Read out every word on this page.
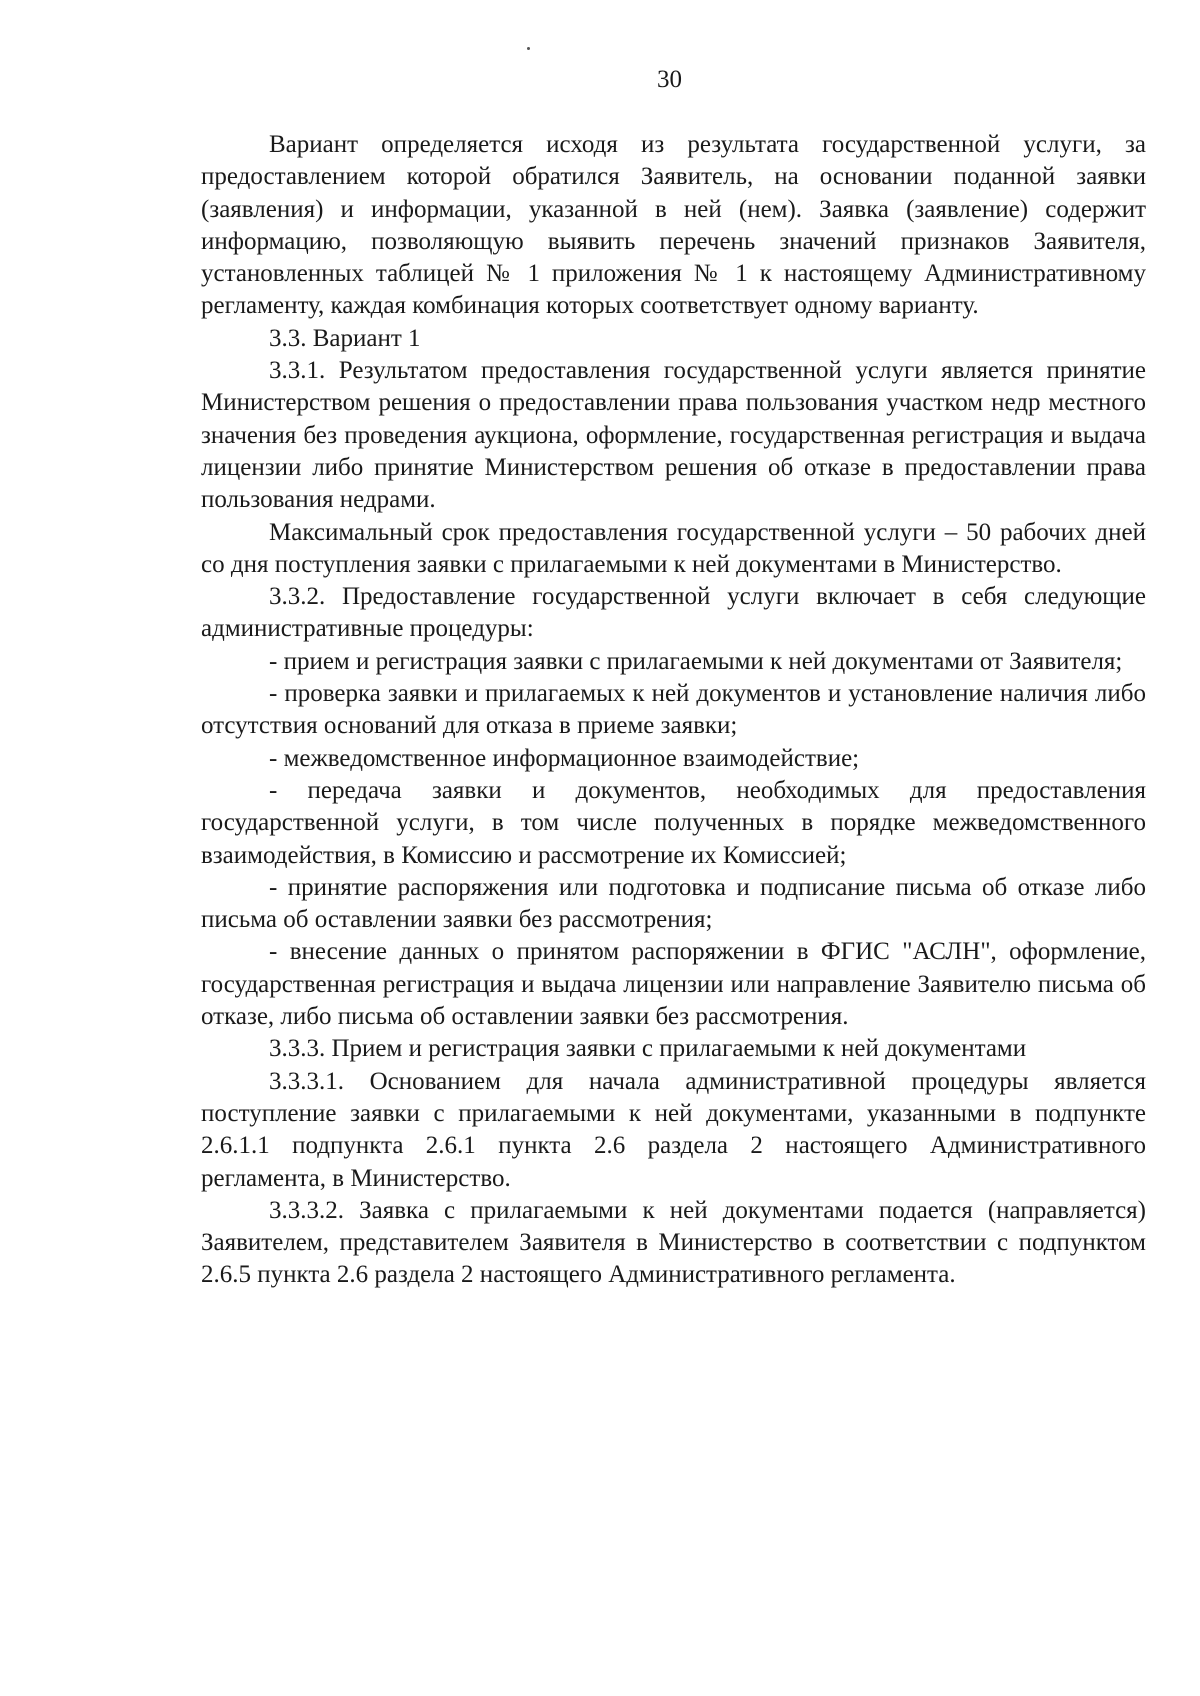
30

Вариант определяется исходя из результата государственной услуги, за предоставлением которой обратился Заявитель, на основании поданной заявки (заявления) и информации, указанной в ней (нем). Заявка (заявление) содержит информацию, позволяющую выявить перечень значений признаков Заявителя, установленных таблицей № 1 приложения № 1 к настоящему Административному регламенту, каждая комбинация которых соответствует одному варианту.

3.3. Вариант 1

3.3.1. Результатом предоставления государственной услуги является принятие Министерством решения о предоставлении права пользования участком недр местного значения без проведения аукциона, оформление, государственная регистрация и выдача лицензии либо принятие Министерством решения об отказе в предоставлении права пользования недрами.

Максимальный срок предоставления государственной услуги – 50 рабочих дней со дня поступления заявки с прилагаемыми к ней документами в Министерство.

3.3.2. Предоставление государственной услуги включает в себя следующие административные процедуры:

- прием и регистрация заявки с прилагаемыми к ней документами от Заявителя;

- проверка заявки и прилагаемых к ней документов и установление наличия либо отсутствия оснований для отказа в приеме заявки;

- межведомственное информационное взаимодействие;

- передача заявки и документов, необходимых для предоставления государственной услуги, в том числе полученных в порядке межведомственного взаимодействия, в Комиссию и рассмотрение их Комиссией;

- принятие распоряжения или подготовка и подписание письма об отказе либо письма об оставлении заявки без рассмотрения;

- внесение данных о принятом распоряжении в ФГИС "АСЛН", оформление, государственная регистрация и выдача лицензии или направление Заявителю письма об отказе, либо письма об оставлении заявки без рассмотрения.

3.3.3. Прием и регистрация заявки с прилагаемыми к ней документами

3.3.3.1. Основанием для начала административной процедуры является поступление заявки с прилагаемыми к ней документами, указанными в подпункте 2.6.1.1 подпункта 2.6.1 пункта 2.6 раздела 2 настоящего Административного регламента, в Министерство.

3.3.3.2. Заявка с прилагаемыми к ней документами подается (направляется) Заявителем, представителем Заявителя в Министерство в соответствии с подпунктом 2.6.5 пункта 2.6 раздела 2 настоящего Административного регламента.
